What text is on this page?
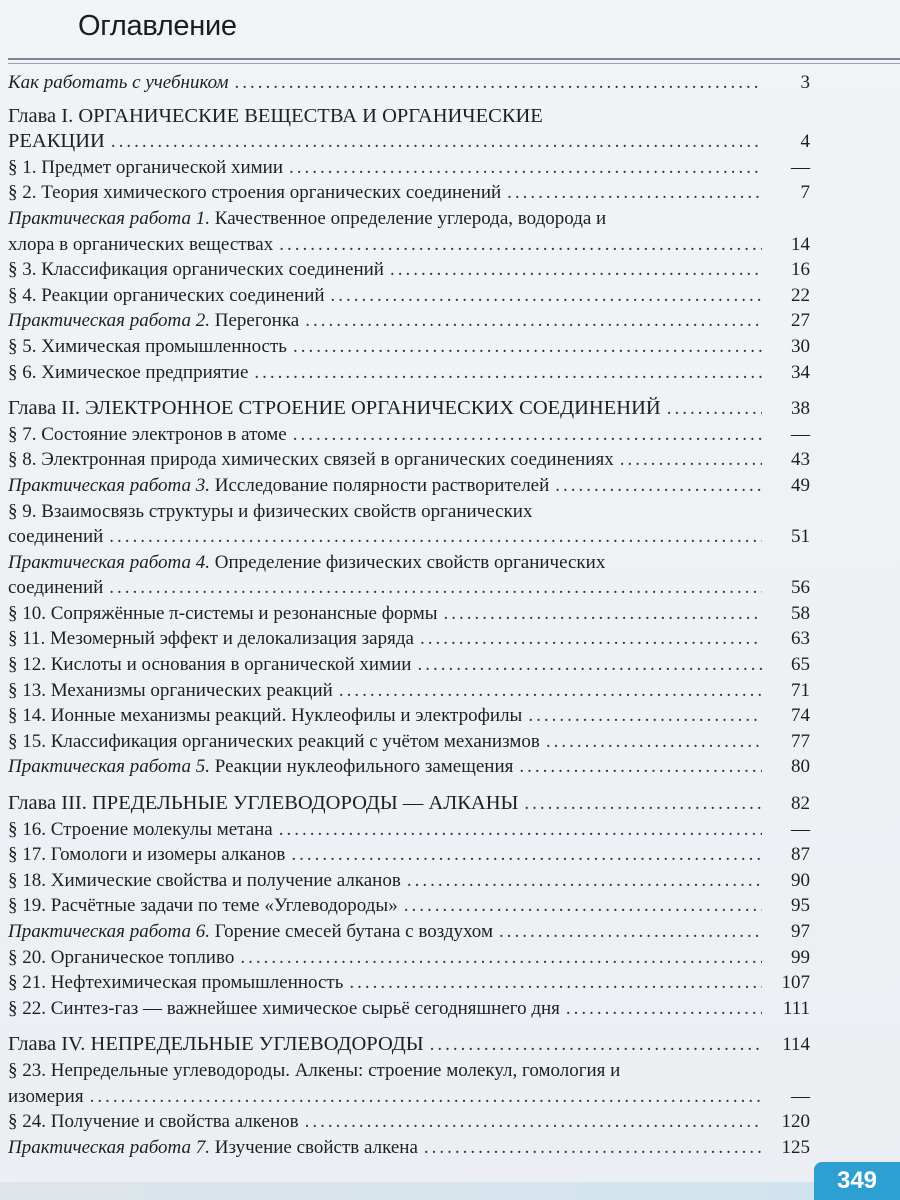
Оглавление
Как работать с учебником .....	3
Глава I. ОРГАНИЧЕСКИЕ ВЕЩЕСТВА И ОРГАНИЧЕСКИЕ
РЕАКЦИИ .....	4
§ 1. Предмет органической химии .....	—
§ 2. Теория химического строения органических соединений .....	7
Практическая работа 1. Качественное определение углерода, водорода и
хлора в органических веществах .....	14
§ 3. Классификация органических соединений .....	16
§ 4. Реакции органических соединений .....	22
Практическая работа 2. Перегонка .....	27
§ 5. Химическая промышленность .....	30
§ 6. Химическое предприятие .....	34
Глава II. ЭЛЕКТРОННОЕ СТРОЕНИЕ ОРГАНИЧЕСКИХ СОЕДИНЕНИЙ .....	38
§ 7. Состояние электронов в атоме .....	—
§ 8. Электронная природа химических связей в органических соединениях .....	43
Практическая работа 3. Исследование полярности растворителей .....	49
§ 9. Взаимосвязь структуры и физических свойств органических
соединений .....	51
Практическая работа 4. Определение физических свойств органических
соединений .....	56
§ 10. Сопряжённые π-системы и резонансные формы .....	58
§ 11. Мезомерный эффект и делокализация заряда .....	63
§ 12. Кислоты и основания в органической химии .....	65
§ 13. Механизмы органических реакций .....	71
§ 14. Ионные механизмы реакций. Нуклеофилы и электрофилы .....	74
§ 15. Классификация органических реакций с учётом механизмов .....	77
Практическая работа 5. Реакции нуклеофильного замещения .....	80
Глава III. ПРЕДЕЛЬНЫЕ УГЛЕВОДОРОДЫ — АЛКАНЫ .....	82
§ 16. Строение молекулы метана .....	—
§ 17. Гомологи и изомеры алканов .....	87
§ 18. Химические свойства и получение алканов .....	90
§ 19. Расчётные задачи по теме «Углеводороды» .....	95
Практическая работа 6. Горение смесей бутана с воздухом .....	97
§ 20. Органическое топливо .....	99
§ 21. Нефтехимическая промышленность .....	107
§ 22. Синтез-газ — важнейшее химическое сырьё сегодняшнего дня .....	111
Глава IV. НЕПРЕДЕЛЬНЫЕ УГЛЕВОДОРОДЫ .....	114
§ 23. Непредельные углеводороды. Алкены: строение молекул, гомология и
изомерия .....	—
§ 24. Получение и свойства алкенов .....	120
Практическая работа 7. Изучение свойств алкена .....	125
349
